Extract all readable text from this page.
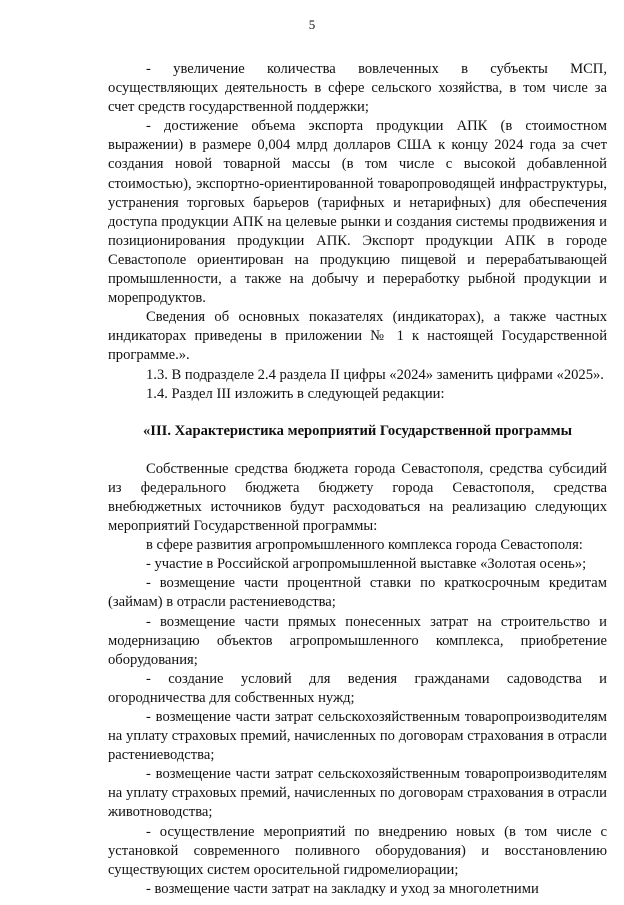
5

- увеличение количества вовлеченных в субъекты МСП, осуществляющих деятельность в сфере сельского хозяйства, в том числе за счет средств государственной поддержки;

- достижение объема экспорта продукции АПК (в стоимостном выражении) в размере 0,004 млрд долларов США к концу 2024 года за счет создания новой товарной массы (в том числе с высокой добавленной стоимостью), экспортно-ориентированной товаропроводящей инфраструктуры, устранения торговых барьеров (тарифных и нетарифных) для обеспечения доступа продукции АПК на целевые рынки и создания системы продвижения и позиционирования продукции АПК. Экспорт продукции АПК в городе Севастополе ориентирован на продукцию пищевой и перерабатывающей промышленности, а также на добычу и переработку рыбной продукции и морепродуктов.

Сведения об основных показателях (индикаторах), а также частных индикаторах приведены в приложении № 1 к настоящей Государственной программе.».

1.3. В подразделе 2.4 раздела II цифры «2024» заменить цифрами «2025».

1.4. Раздел III изложить в следующей редакции:

«III. Характеристика мероприятий Государственной программы

Собственные средства бюджета города Севастополя, средства субсидий из федерального бюджета бюджету города Севастополя, средства внебюджетных источников будут расходоваться на реализацию следующих мероприятий Государственной программы:

в сфере развития агропромышленного комплекса города Севастополя:

- участие в Российской агропромышленной выставке «Золотая осень»;

- возмещение части процентной ставки по краткосрочным кредитам (займам) в отрасли растениеводства;

- возмещение части прямых понесенных затрат на строительство и модернизацию объектов агропромышленного комплекса, приобретение оборудования;

- создание условий для ведения гражданами садоводства и огородничества для собственных нужд;

- возмещение части затрат сельскохозяйственным товаропроизводителям на уплату страховых премий, начисленных по договорам страхования в отрасли растениеводства;

- возмещение части затрат сельскохозяйственным товаропроизводителям на уплату страховых премий, начисленных по договорам страхования в отрасли животноводства;

- осуществление мероприятий по внедрению новых (в том числе с установкой современного поливного оборудования) и восстановлению существующих систем оросительной гидромелиорации;

- возмещение части затрат на закладку и уход за многолетними
